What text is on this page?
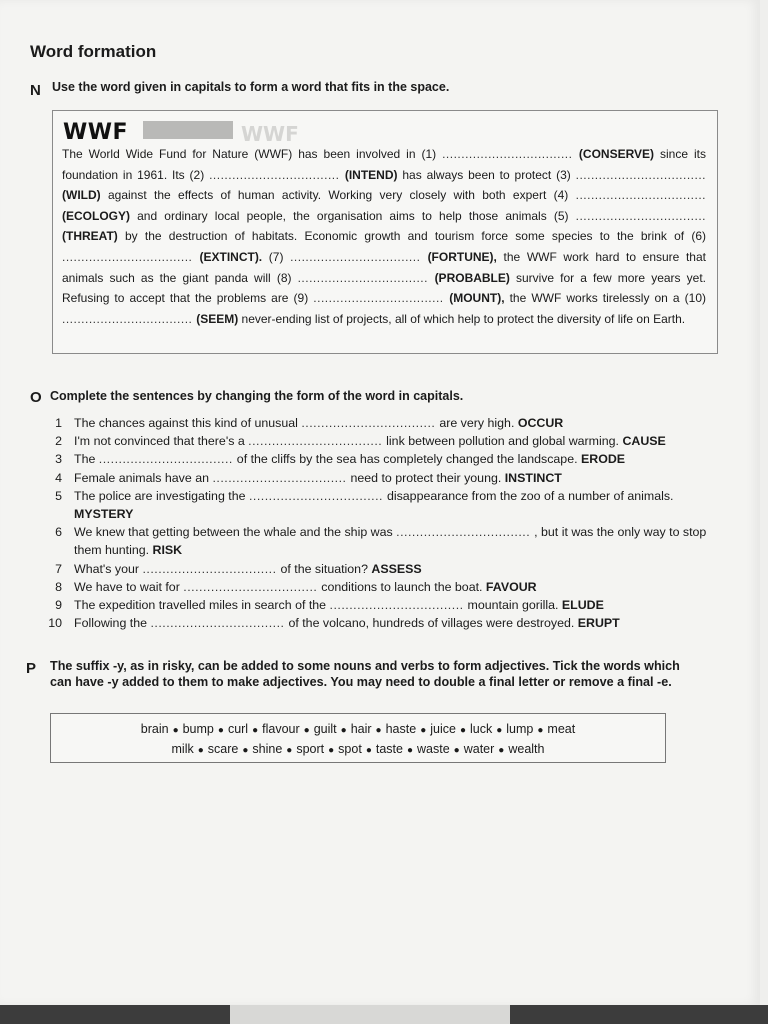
Word formation
N Use the word given in capitals to form a word that fits in the space.
WWF	WWF
The World Wide Fund for Nature (WWF) has been involved in (1) .................................. (CONSERVE) since its foundation in 1961. Its (2) .................................. (INTEND) has always been to protect (3) .................................. (WILD) against the effects of human activity. Working very closely with both expert (4) .................................. (ECOLOGY) and ordinary local people, the organisation aims to help those animals (5) .................................. (THREAT) by the destruction of habitats. Economic growth and tourism force some species to the brink of (6) .................................. (EXTINCT). (7) .................................. (FORTUNE), the WWF work hard to ensure that animals such as the giant panda will (8) .................................. (PROBABLE) survive for a few more years yet. Refusing to accept that the problems are (9) .................................. (MOUNT), the WWF works tirelessly on a (10) .................................. (SEEM) never-ending list of projects, all of which help to protect the diversity of life on Earth.
O Complete the sentences by changing the form of the word in capitals.
1 The chances against this kind of unusual .................................. are very high. OCCUR
2 I'm not convinced that there's a .................................. link between pollution and global warming. CAUSE
3 The .................................. of the cliffs by the sea has completely changed the landscape. ERODE
4 Female animals have an .................................. need to protect their young. INSTINCT
5 The police are investigating the .................................. disappearance from the zoo of a number of animals. MYSTERY
6 We knew that getting between the whale and the ship was .................................. , but it was the only way to stop them hunting. RISK
7 What's your .................................. of the situation? ASSESS
8 We have to wait for .................................. conditions to launch the boat. FAVOUR
9 The expedition travelled miles in search of the .................................. mountain gorilla. ELUDE
10 Following the .................................. of the volcano, hundreds of villages were destroyed. ERUPT
P The suffix -y, as in risky, can be added to some nouns and verbs to form adjectives. Tick the words which can have -y added to them to make adjectives. You may need to double a final letter or remove a final -e.
brain ● bump ● curl ● flavour ● guilt ● hair ● haste ● juice ● luck ● lump ● meat
milk ● scare ● shine ● sport ● spot ● taste ● waste ● water ● wealth
